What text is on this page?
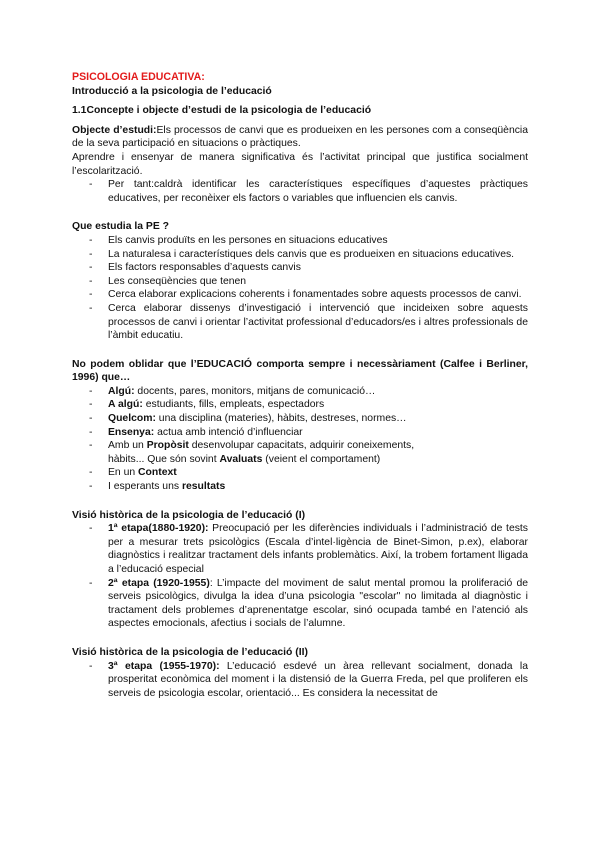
PSICOLOGIA EDUCATIVA:
Introducció a la psicologia de l’educació
1.1Concepte i objecte d’estudi de la psicologia de l’educació

Objecte d’estudi:Els processos de canvi que es produeixen en les persones com a conseqüència de la seva participació en situacions o pràctiques.

Aprendre i ensenyar de manera significativa és l’activitat principal que justifica socialment l’escolarització.

- Per tant:caldrà identificar les característiques específiques d’aquestes pràctiques educatives, per reconèixer els factors o variables que influencien els canvis.
Que estudia la PE ?
- Els canvis produïts en les persones en situacions educatives
- La naturalesa i característiques dels canvis que es produeixen en situacions educatives.
- Els factors responsables d’aquests canvis
- Les conseqüències que tenen
- Cerca elaborar explicacions coherents i fonamentades sobre aquests processos de canvi.
- Cerca elaborar dissenys d’investigació i intervenció que incideixen sobre aquests processos de canvi i orientar l’activitat professional d’educadors/es i altres professionals de l’àmbit educatiu.
No podem oblidar que l’EDUCACIÓ comporta sempre i necessàriament (Calfee i Berliner, 1996) que…
- Algú: docents, pares, monitors, mitjans de comunicació…
- A algú: estudiants, fills, empleats, espectadors
- Quelcom: una disciplina (materies), hàbits, destreses, normes…
- Ensenya: actua amb intenció d’influenciar
- Amb un Propòsit desenvolupar capacitats, adquirir coneixements,
hàbits... Que són sovint Avaluats (veient el comportament)
- En un Context
- I esperants uns resultats
Visió històrica de la psicologia de l’educació (I)
- 1ª etapa(1880-1920): Preocupació per les diferències individuals i l’administració de tests per a mesurar trets psicològics (Escala d’intel·ligència de Binet-Simon, p.ex), elaborar diagnòstics i realitzar tractament dels infants problemàtics. Així, la trobem fortament lligada a l’educació especial
- 2ª etapa (1920-1955): L’impacte del moviment de salut mental promou la proliferació de serveis psicològics, divulga la idea d’una psicologia "escolar" no limitada al diagnòstic i tractament dels problemes d’aprenentatge escolar, sinó ocupada també en l’atenció als aspectes emocionals, afectius i socials de l’alumne.
Visió històrica de la psicologia de l’educació (II)
- 3ª etapa (1955-1970): L’educació esdevé un àrea rellevant socialment, donada la prosperitat econòmica del moment i la distensió de la Guerra Freda, pel que proliferen els serveis de psicologia escolar, orientació... Es considera la necessitat de
